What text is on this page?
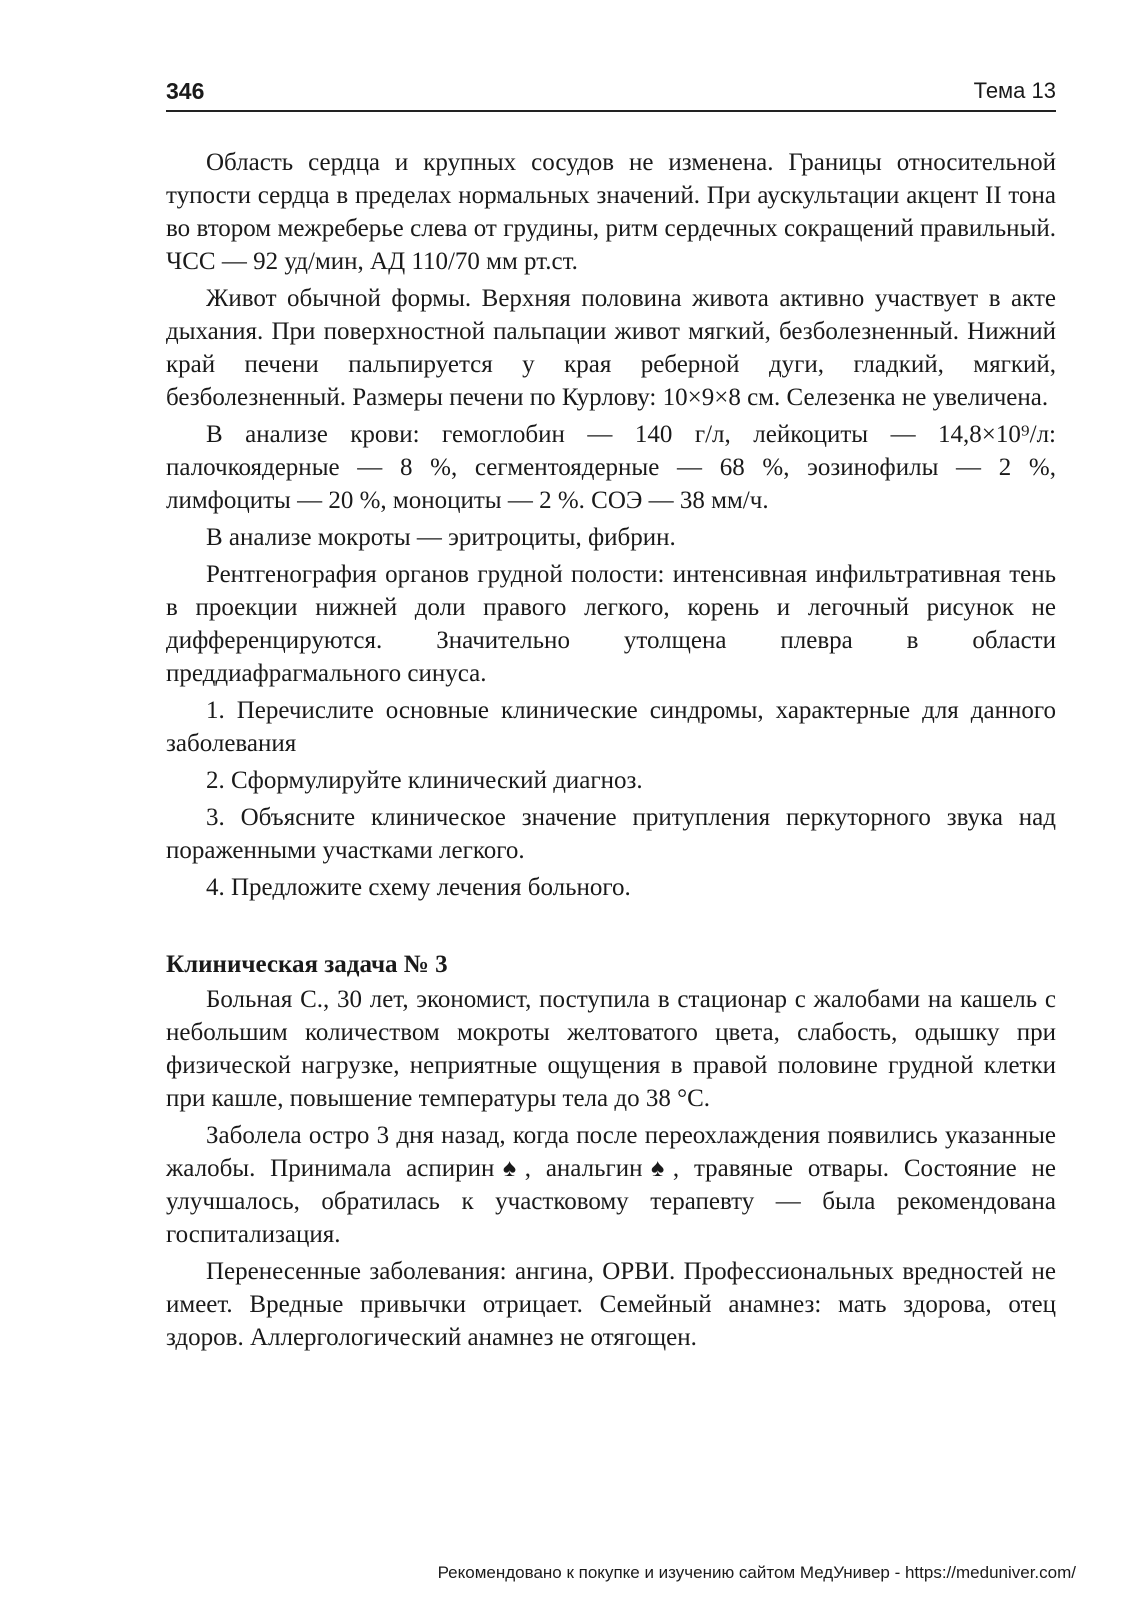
346	Тема 13

Область сердца и крупных сосудов не изменена. Границы относительной тупости сердца в пределах нормальных значений. При аускультации акцент II тона во втором межреберье слева от грудины, ритм сердечных сокращений правильный. ЧСС — 92 уд/мин, АД 110/70 мм рт.ст.

Живот обычной формы. Верхняя половина живота активно участвует в акте дыхания. При поверхностной пальпации живот мягкий, безболезненный. Нижний край печени пальпируется у края реберной дуги, гладкий, мягкий, безболезненный. Размеры печени по Курлову: 10×9×8 см. Селезенка не увеличена.

В анализе крови: гемоглобин — 140 г/л, лейкоциты — 14,8×10⁹/л: палочкоядерные — 8 %, сегментоядерные — 68 %, эозинофилы — 2 %, лимфоциты — 20 %, моноциты — 2 %. СОЭ — 38 мм/ч.

В анализе мокроты — эритроциты, фибрин.

Рентгенография органов грудной полости: интенсивная инфильтративная тень в проекции нижней доли правого легкого, корень и легочный рисунок не дифференцируются. Значительно утолщена плевра в области преддиафрагмального синуса.

1. Перечислите основные клинические синдромы, характерные для данного заболевания

2. Сформулируйте клинический диагноз.

3. Объясните клиническое значение притупления перкуторного звука над пораженными участками легкого.

4. Предложите схему лечения больного.

Клиническая задача № 3

Больная С., 30 лет, экономист, поступила в стационар с жалобами на кашель с небольшим количеством мокроты желтоватого цвета, слабость, одышку при физической нагрузке, неприятные ощущения в правой половине грудной клетки при кашле, повышение температуры тела до 38 °С.

Заболела остро 3 дня назад, когда после переохлаждения появились указанные жалобы. Принимала аспирин♠, анальгин♠, травяные отвары. Состояние не улучшалось, обратилась к участковому терапевту — была рекомендована госпитализация.

Перенесенные заболевания: ангина, ОРВИ. Профессиональных вредностей не имеет. Вредные привычки отрицает. Семейный анамнез: мать здорова, отец здоров. Аллергологический анамнез не отягощен.

Рекомендовано к покупке и изучению сайтом МедУнивер - https://meduniver.com/
